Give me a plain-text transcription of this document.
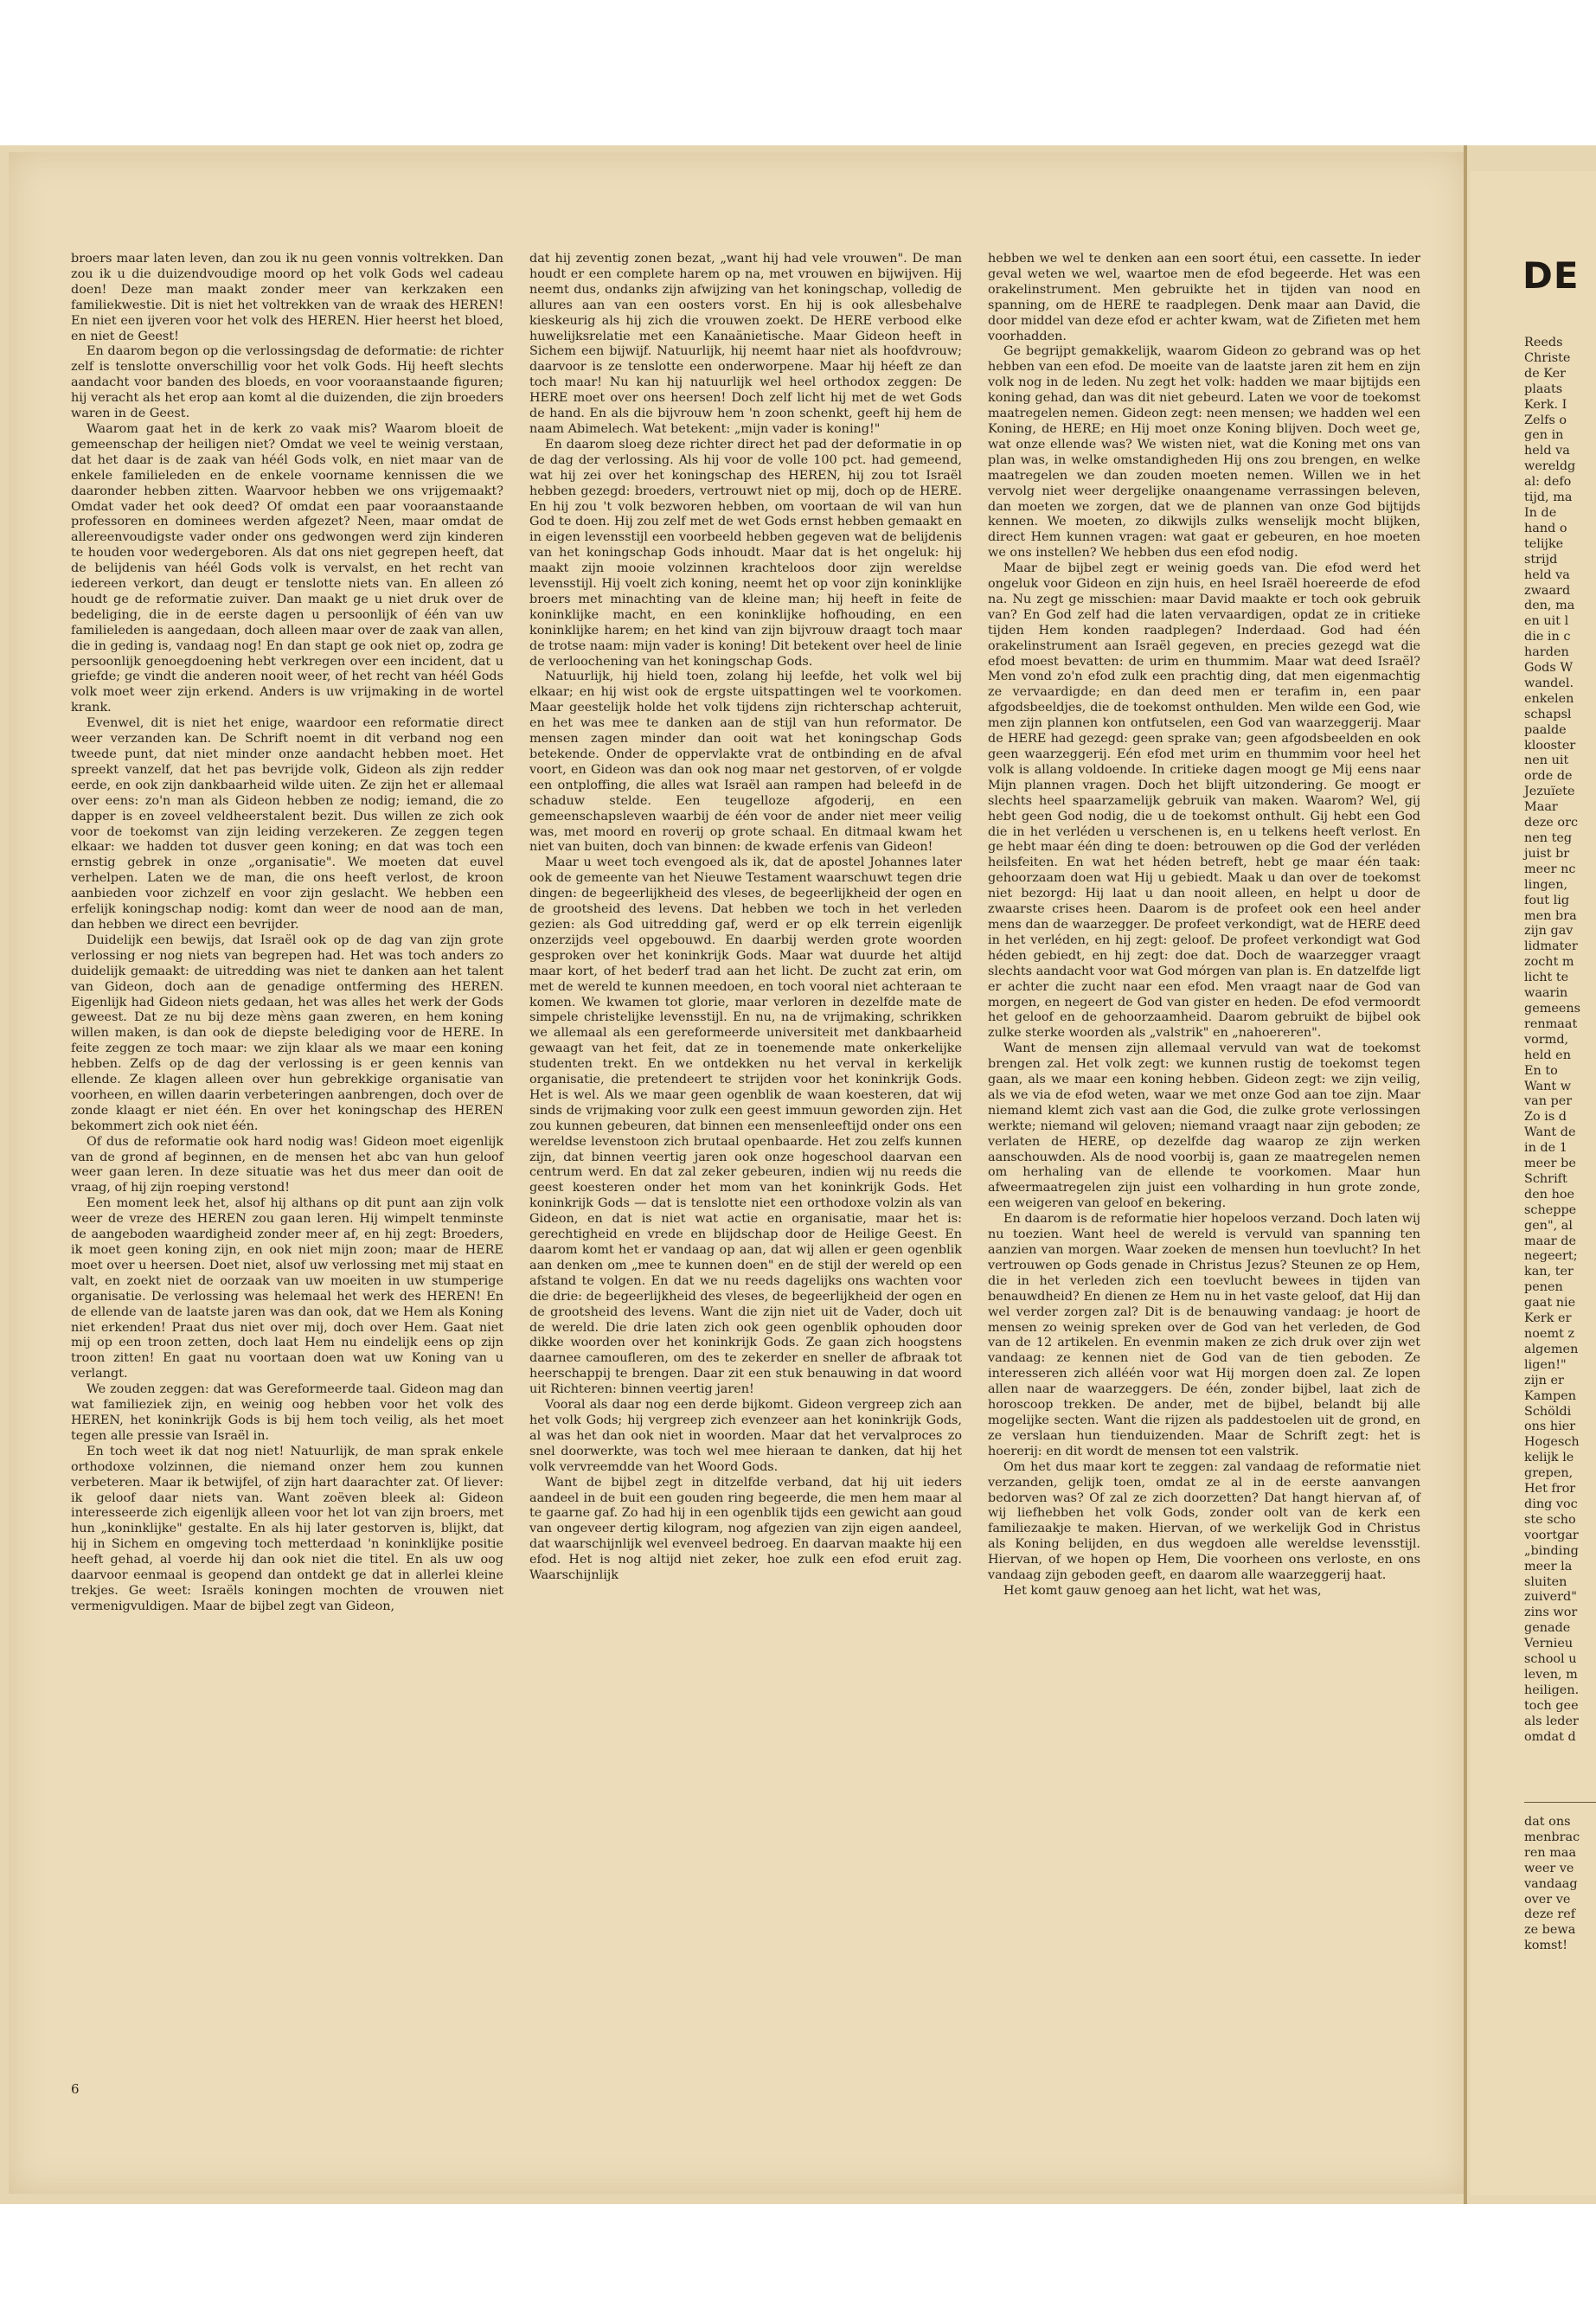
broers maar laten leven, dan zou ik nu geen vonnis voltrekken. Dan zou ik u die duizendvoudige moord op het volk Gods wel cadeau doen! Deze man maakt zonder meer van kerkzaken een familiekwestie. Dit is niet het voltrekken van de wraak des HEREN! En niet een ijveren voor het volk des HEREN. Hier heerst het bloed, en niet de Geest!

En daarom begon op die verlossingsdag de deformatie: de richter zelf is tenslotte onverschillig voor het volk Gods. Hij heeft slechts aandacht voor banden des bloeds, en voor vooraanstaande figuren; hij veracht als het erop aan komt al die duizenden, die zijn broeders waren in de Geest.

Waarom gaat het in de kerk zo vaak mis? Waarom bloeit de gemeenschap der heiligen niet? Omdat we veel te weinig verstaan, dat het daar is de zaak van héél Gods volk, en niet maar van de enkele familieleden en de enkele voorname kennissen die we daaronder hebben zitten. Waarvoor hebben we ons vrijgemaakt? Omdat vader het ook deed? Of omdat een paar vooraanstaande professoren en dominees werden afgezet? Neen, maar omdat de allereenvoudigste vader onder ons gedwongen werd zijn kinderen te houden voor wedergeboren. Als dat ons niet gegrepen heeft, dat de belijdenis van héél Gods volk is vervalst, en het recht van iedereen verkort, dan deugt er tenslotte niets van. En alleen zó houdt ge de reformatie zuiver. Dan maakt ge u niet druk over de bedeliging, die in de eerste dagen u persoonlijk of één van uw familieleden is aangedaan, doch alleen maar over de zaak van allen, die in geding is, vandaag nog! En dan stapt ge ook niet op, zodra ge persoonlijk genoegdoening hebt verkregen over een incident, dat u griefde; ge vindt die anderen nooit weer, of het recht van héél Gods volk moet weer zijn erkend. Anders is uw vrijmaking in de wortel krank.

Evenwel, dit is niet het enige, waardoor een reformatie direct weer verzanden kan. De Schrift noemt in dit verband nog een tweede punt, dat niet minder onze aandacht hebben moet. Het spreekt vanzelf, dat het pas bevrijde volk, Gideon als zijn redder eerde, en ook zijn dankbaarheid wilde uiten. Ze zijn het er allemaal over eens: zo'n man als Gideon hebben ze nodig; iemand, die zo dapper is en zoveel veldheerstalent bezit. Dus willen ze zich ook voor de toekomst van zijn leiding verzekeren. Ze zeggen tegen elkaar: we hadden tot dusver geen koning; en dat was toch een ernstig gebrek in onze „organisatie". We moeten dat euvel verhelpen. Laten we de man, die ons heeft verlost, de kroon aanbieden voor zichzelf en voor zijn geslacht. We hebben een erfelijk koningschap nodig: komt dan weer de nood aan de man, dan hebben we direct een bevrijder.

Duidelijk een bewijs, dat Israël ook op de dag van zijn grote verlossing er nog niets van begrepen had. Het was toch anders zo duidelijk gemaakt: de uitredding was niet te danken aan het talent van Gideon, doch aan de genadige ontferming des HEREN. Eigenlijk had Gideon niets gedaan, het was alles het werk der Gods geweest. Dat ze nu bij deze mèns gaan zweren, en hem koning willen maken, is dan ook de diepste belediging voor de HERE. In feite zeggen ze toch maar: we zijn klaar als we maar een koning hebben. Zelfs op de dag der verlossing is er geen kennis van ellende. Ze klagen alleen over hun gebrekkige organisatie van voorheen, en willen daarin verbeteringen aanbrengen, doch over de zonde klaagt er niet één. En over het koningschap des HEREN bekommert zich ook niet één.

Of dus de reformatie ook hard nodig was! Gideon moet eigenlijk van de grond af beginnen, en de mensen het abc van hun geloof weer gaan leren. In deze situatie was het dus meer dan ooit de vraag, of hij zijn roeping verstond!

Een moment leek het, alsof hij althans op dit punt aan zijn volk weer de vreze des HEREN zou gaan leren. Hij wimpelt tenminste de aangeboden waardigheid zonder meer af, en hij zegt: Broeders, ik moet geen koning zijn, en ook niet mijn zoon; maar de HERE moet over u heersen. Doet niet, alsof uw verlossing met mij staat en valt, en zoekt niet de oorzaak van uw moeiten in uw stumperige organisatie. De verlossing was helemaal het werk des HEREN! En de ellende van de laatste jaren was dan ook, dat we Hem als Koning niet erkenden! Praat dus niet over mij, doch over Hem. Gaat niet mij op een troon zetten, doch laat Hem nu eindelijk eens op zijn troon zitten! En gaat nu voortaan doen wat uw Koning van u verlangt.

We zouden zeggen: dat was Gereformeerde taal. Gideon mag dan wat familieziek zijn, en weinig oog hebben voor het volk des HEREN, het koninkrijk Gods is bij hem toch veilig, als het moet tegen alle pressie van Israël in.

En toch weet ik dat nog niet! Natuurlijk, de man sprak enkele orthodoxe volzinnen, die niemand onzer hem zou kunnen verbeteren. Maar ik betwijfel, of zijn hart daarachter zat. Of liever: ik geloof daar niets van. Want zoëven bleek al: Gideon interesseerde zich eigenlijk alleen voor het lot van zijn broers, met hun „koninklijke" gestalte. En als hij later gestorven is, blijkt, dat hij in Sichem en omgeving toch metterdaad 'n koninklijke positie heeft gehad, al voerde hij dan ook niet die titel. En als uw oog daarvoor eenmaal is geopend dan ontdekt ge dat in allerlei kleine trekjes. Ge weet: Israëls koningen mochten de vrouwen niet vermenigvuldigen. Maar de bijbel zegt van Gideon,

dat hij zeventig zonen bezat, „want hij had vele vrouwen". De man houdt er een complete harem op na, met vrouwen en bijwijven. Hij neemt dus, ondanks zijn afwijzing van het koningschap, volledig de allures aan van een oosters vorst. En hij is ook allesbehalve kieskeurig als hij zich die vrouwen zoekt. De HERE verbood elke huwelijksrelatie met een Kanaänietische. Maar Gideon heeft in Sichem een bijwijf. Natuurlijk, hij neemt haar niet als hoofdvrouw; daarvoor is ze tenslotte een onderworpene. Maar hij héeft ze dan toch maar! Nu kan hij natuurlijk wel heel orthodox zeggen: De HERE moet over ons heersen! Doch zelf licht hij met de wet Gods de hand. En als die bijvrouw hem 'n zoon schenkt, geeft hij hem de naam Abimelech. Wat betekent: „mijn vader is koning!"

En daarom sloeg deze richter direct het pad der deformatie in op de dag der verlossing. Als hij voor de volle 100 pct. had gemeend, wat hij zei over het koningschap des HEREN, hij zou tot Israël hebben gezegd: broeders, vertrouwt niet op mij, doch op de HERE. En hij zou 't volk bezworen hebben, om voortaan de wil van hun God te doen. Hij zou zelf met de wet Gods ernst hebben gemaakt en in eigen levensstijl een voorbeeld hebben gegeven wat de belijdenis van het koningschap Gods inhoudt. Maar dat is het ongeluk: hij maakt zijn mooie volzinnen krachteloos door zijn wereldse levensstijl. Hij voelt zich koning, neemt het op voor zijn koninklijke broers met minachting van de kleine man; hij heeft in feite de koninklijke macht, en een koninklijke hofhouding, en een koninklijke harem; en het kind van zijn bijvrouw draagt toch maar de trotse naam: mijn vader is koning! Dit betekent over heel de linie de verloochening van het koningschap Gods.

Natuurlijk, hij hield toen, zolang hij leefde, het volk wel bij elkaar; en hij wist ook de ergste uitspattingen wel te voorkomen. Maar geestelijk holde het volk tijdens zijn richterschap achteruit, en het was mee te danken aan de stijl van hun reformator. De mensen zagen minder dan ooit wat het koningschap Gods betekende. Onder de oppervlakte vrat de ontbinding en de afval voort, en Gideon was dan ook nog maar net gestorven, of er volgde een ontploffing, die alles wat Israël aan rampen had beleefd in de schaduw stelde. Een teugelloze afgoderij, en een gemeenschapsleven waarbij de één voor de ander niet meer veilig was, met moord en roverij op grote schaal. En ditmaal kwam het niet van buiten, doch van binnen: de kwade erfenis van Gideon!

Maar u weet toch evengoed als ik, dat de apostel Johannes later ook de gemeente van het Nieuwe Testament waarschuwt tegen drie dingen: de begeerlijkheid des vleses, de begeerlijkheid der ogen en de grootsheid des levens. Dat hebben we toch in het verleden gezien: als God uitredding gaf, werd er op elk terrein eigenlijk onzerzijds veel opgebouwd. En daarbij werden grote woorden gesproken over het koninkrijk Gods. Maar wat duurde het altijd maar kort, of het bederf trad aan het licht. De zucht zat erin, om met de wereld te kunnen meedoen, en toch vooral niet achteraan te komen. We kwamen tot glorie, maar verloren in dezelfde mate de simpele christelijke levensstijl. En nu, na de vrijmaking, schrikken we allemaal als een gereformeerde universiteit met dankbaarheid gewaagt van het feit, dat ze in toenemende mate onkerkelijke studenten trekt. En we ontdekken nu het verval in kerkelijk organisatie, die pretendeert te strijden voor het koninkrijk Gods. Het is wel. Als we maar geen ogenblik de waan koesteren, dat wij sinds de vrijmaking voor zulk een geest immuun geworden zijn. Het zou kunnen gebeuren, dat binnen een mensenleeftijd onder ons een wereldse levenstoon zich brutaal openbaarde. Het zou zelfs kunnen zijn, dat binnen veertig jaren ook onze hogeschool daarvan een centrum werd. En dat zal zeker gebeuren, indien wij nu reeds die geest koesteren onder het mom van het koninkrijk Gods. Het koninkrijk Gods — dat is tenslotte niet een orthodoxe volzin als van Gideon, en dat is niet wat actie en organisatie, maar het is: gerechtigheid en vrede en blijdschap door de Heilige Geest. En daarom komt het er vandaag op aan, dat wij allen er geen ogenblik aan denken om „mee te kunnen doen" en de stijl der wereld op een afstand te volgen. En dat we nu reeds dagelijks ons wachten voor die drie: de begeerlijkheid des vleses, de begeerlijkheid der ogen en de grootsheid des levens. Want die zijn niet uit de Vader, doch uit de wereld. Die drie laten zich ook geen ogenblik ophouden door dikke woorden over het koninkrijk Gods. Ze gaan zich hoogstens daarnee camoufleren, om des te zekerder en sneller de afbraak tot heerschappij te brengen. Daar zit een stuk benauwing in dat woord uit Richteren: binnen veertig jaren!

Vooral als daar nog een derde bijkomt. Gideon vergreep zich aan het volk Gods; hij vergreep zich evenzeer aan het koninkrijk Gods, al was het dan ook niet in woorden. Maar dat het vervalproces zo snel doorwerkte, was toch wel mee hieraan te danken, dat hij het volk vervreemdde van het Woord Gods.

Want de bijbel zegt in ditzelfde verband, dat hij uit ieders aandeel in de buit een gouden ring begeerde, die men hem maar al te gaarne gaf. Zo had hij in een ogenblik tijds een gewicht aan goud van ongeveer dertig kilogram, nog afgezien van zijn eigen aandeel, dat waarschijnlijk wel evenveel bedroeg. En daarvan maakte hij een efod. Het is nog altijd niet zeker, hoe zulk een efod eruit zag. Waarschijnlijk

hebben we wel te denken aan een soort étui, een cassette. In ieder geval weten we wel, waartoe men de efod begeerde. Het was een orakelinstrument. Men gebruikte het in tijden van nood en spanning, om de HERE te raadplegen. Denk maar aan David, die door middel van deze efod er achter kwam, wat de Zifieten met hem voorhadden.

Ge begrijpt gemakkelijk, waarom Gideon zo gebrand was op het hebben van een efod. De moeite van de laatste jaren zit hem en zijn volk nog in de leden. Nu zegt het volk: hadden we maar bijtijds een koning gehad, dan was dit niet gebeurd. Laten we voor de toekomst maatregelen nemen. Gideon zegt: neen mensen; we hadden wel een Koning, de HERE; en Hij moet onze Koning blijven. Doch weet ge, wat onze ellende was? We wisten niet, wat die Koning met ons van plan was, in welke omstandigheden Hij ons zou brengen, en welke maatregelen we dan zouden moeten nemen. Willen we in het vervolg niet weer dergelijke onaangename verrassingen beleven, dan moeten we zorgen, dat we de plannen van onze God bijtijds kennen. We moeten, zo dikwijls zulks wenselijk mocht blijken, direct Hem kunnen vragen: wat gaat er gebeuren, en hoe moeten we ons instellen? We hebben dus een efod nodig.

Maar de bijbel zegt er weinig goeds van. Die efod werd het ongeluk voor Gideon en zijn huis, en heel Israël hoereerde de efod na. Nu zegt ge misschien: maar David maakte er toch ook gebruik van? En God zelf had die laten vervaardigen, opdat ze in critieke tijden Hem konden raadplegen? Inderdaad. God had één orakelinstrument aan Israël gegeven, en precies gezegd wat die efod moest bevatten: de urim en thummim. Maar wat deed Israël? Men vond zo'n efod zulk een prachtig ding, dat men eigenmachtig ze vervaardigde; en dan deed men er terafim in, een paar afgodsbeeldjes, die de toekomst onthulden. Men wilde een God, wie men zijn plannen kon ontfutselen, een God van waarzeggerij. Maar de HERE had gezegd: geen sprake van; geen afgodsbeelden en ook geen waarzeggerij. Eén efod met urim en thummim voor heel het volk is allang voldoende. In critieke dagen moogt ge Mij eens naar Mijn plannen vragen. Doch het blijft uitzondering. Ge moogt er slechts heel spaarzamelijk gebruik van maken. Waarom? Wel, gij hebt geen God nodig, die u de toekomst onthult. Gij hebt een God die in het verléden u verschenen is, en u telkens heeft verlost. En ge hebt maar één ding te doen: betrouwen op die God der verléden heilsfeiten. En wat het héden betreft, hebt ge maar één taak: gehoorzaam doen wat Hij u gebiedt. Maak u dan over de toekomst niet bezorgd: Hij laat u dan nooit alleen, en helpt u door de zwaarste crises heen. Daarom is de profeet ook een heel ander mens dan de waarzegger. De profeet verkondigt, wat de HERE deed in het verléden, en hij zegt: geloof. De profeet verkondigt wat God héden gebiedt, en hij zegt: doe dat. Doch de waarzegger vraagt slechts aandacht voor wat God mórgen van plan is. En datzelfde ligt er achter die zucht naar een efod. Men vraagt naar de God van morgen, en negeert de God van gister en heden. De efod vermoordt het geloof en de gehoorzaamheid. Daarom gebruikt de bijbel ook zulke sterke woorden als „valstrik" en „nahoereren".

Want de mensen zijn allemaal vervuld van wat de toekomst brengen zal. Het volk zegt: we kunnen rustig de toekomst tegen gaan, als we maar een koning hebben. Gideon zegt: we zijn veilig, als we via de efod weten, waar we met onze God aan toe zijn. Maar niemand klemt zich vast aan die God, die zulke grote verlossingen werkte; niemand wil geloven; niemand vraagt naar zijn geboden; ze verlaten de HERE, op dezelfde dag waarop ze zijn werken aanschouwden. Als de nood voorbij is, gaan ze maatregelen nemen om herhaling van de ellende te voorkomen. Maar hun afweermaatregelen zijn juist een volharding in hun grote zonde, een weigeren van geloof en bekering.

En daarom is de reformatie hier hopeloos verzand. Doch laten wij nu toezien. Want heel de wereld is vervuld van spanning ten aanzien van morgen. Waar zoeken de mensen hun toevlucht? In het vertrouwen op Gods genade in Christus Jezus? Steunen ze op Hem, die in het verleden zich een toevlucht bewees in tijden van benauwdheid? En dienen ze Hem nu in het vaste geloof, dat Hij dan wel verder zorgen zal? Dit is de benauwing vandaag: je hoort de mensen zo weinig spreken over de God van het verleden, de God van de 12 artikelen. En evenmin maken ze zich druk over zijn wet vandaag: ze kennen niet de God van de tien geboden. Ze interesseren zich alléén voor wat Hij morgen doen zal. Ze lopen allen naar de waarzeggers. De één, zonder bijbel, laat zich de horoscoop trekken. De ander, met de bijbel, belandt bij alle mogelijke secten. Want die rijzen als paddestoelen uit de grond, en ze verslaan hun tienduizenden. Maar de Schrift zegt: het is hoererij: en dit wordt de mensen tot een valstrik.

Om het dus maar kort te zeggen: zal vandaag de reformatie niet verzanden, gelijk toen, omdat ze al in de eerste aanvangen bedorven was? Of zal ze zich doorzetten? Dat hangt hiervan af, of wij liefhebben het volk Gods, zonder oolt van de kerk een familiezaakje te maken. Hiervan, of we werkelijk God in Christus als Koning belijden, en dus wegdoen alle wereldse levensstijl. Hiervan, of we hopen op Hem, Die voorheen ons verloste, en ons vandaag zijn geboden geeft, en daarom alle waarzeggerij haat.

Het komt gauw genoeg aan het licht, wat het was,

6
DE
Reeds
Christe
de Ker
plaats
Kerk. I
Zelfs o
gen in
held va
wereldg
al: defo
tijd, ma
In de
hand o
telijke
strijd
held va
zwaard
den, ma
en uit l
die in c
harden
Gods W
wandel.
enkelen
schapsl
paalde
klooster
nen uit
orde de
Jezuïete
Maar
deze orc
nen teg
juist br
meer nc
lingen,
fout lig
men bra
zijn gav
lidmater
zocht m
licht te
waarin
gemeens
renmaat
vormd,
held en
En to
Want w
van per
Zo is d
Want de
in de 1
meer be
Schrift
den hoe
scheppe
gen", al
maar de
negeert;
kan, ter
penen
gaat nie
Kerk er
noemt z
algemen
ligen!"
zijn er
Kampen
Schöldi
ons hier
Hogesch
kelijk le
grepen,
Het fror
ding voc
ste scho
voortgar
„binding
meer la
sluiten
zuiverd"
zins wor
genade
Vernieu
school u
leven, m
heiligen.
toch gee
als leder
omdat d
dat ons
menbrac
ren maa
weer ve
vandaag
over ve
deze ref
ze bewa
komst!
